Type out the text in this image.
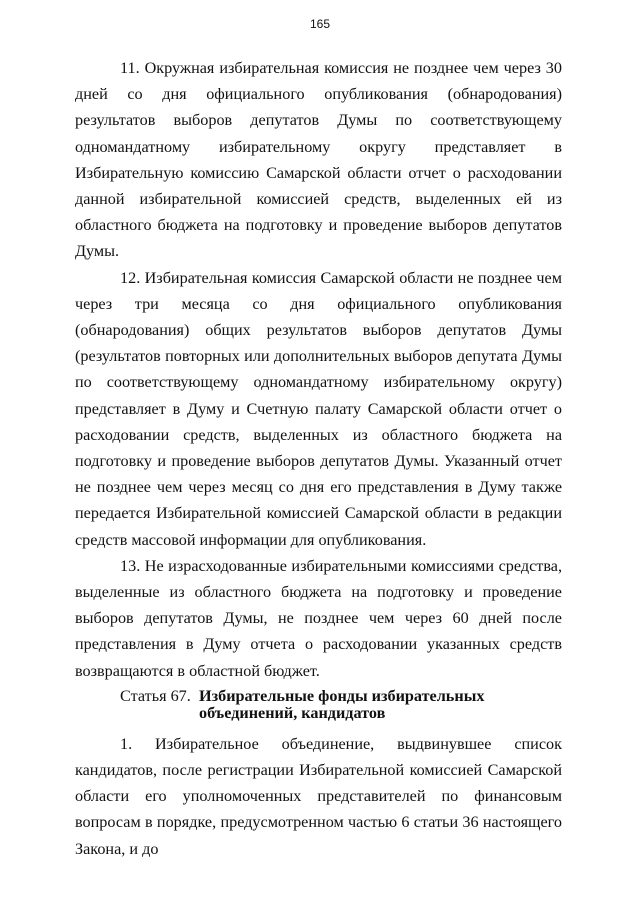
165

11. Окружная избирательная комиссия не позднее чем через 30 дней со дня официального опубликования (обнародования) результатов выборов депутатов Думы по соответствующему одномандатному избирательному округу представляет в Избирательную комиссию Самарской области отчет о расходовании данной избирательной комиссией средств, выделенных ей из областного бюджета на подготовку и проведение выборов депутатов Думы.

12. Избирательная комиссия Самарской области не позднее чем через три месяца со дня официального опубликования (обнародования) общих результатов выборов депутатов Думы (результатов повторных или дополнительных выборов депутата Думы по соответствующему одномандатному избирательному округу) представляет в Думу и Счетную палату Самарской области отчет о расходовании средств, выделенных из областного бюджета на подготовку и проведение выборов депутатов Думы. Указанный отчет не позднее чем через месяц со дня его представления в Думу также передается Избирательной комиссией Самарской области в редакции средств массовой информации для опубликования.

13. Не израсходованные избирательными комиссиями средства, выделенные из областного бюджета на подготовку и проведение выборов депутатов Думы, не позднее чем через 60 дней после представления в Думу отчета о расходовании указанных средств возвращаются в областной бюджет.

Статья 67. Избирательные фонды избирательных объединений, кандидатов

1. Избирательное объединение, выдвинувшее список кандидатов, после регистрации Избирательной комиссией Самарской области его уполномоченных представителей по финансовым вопросам в порядке, предусмотренном частью 6 статьи 36 настоящего Закона, и до
